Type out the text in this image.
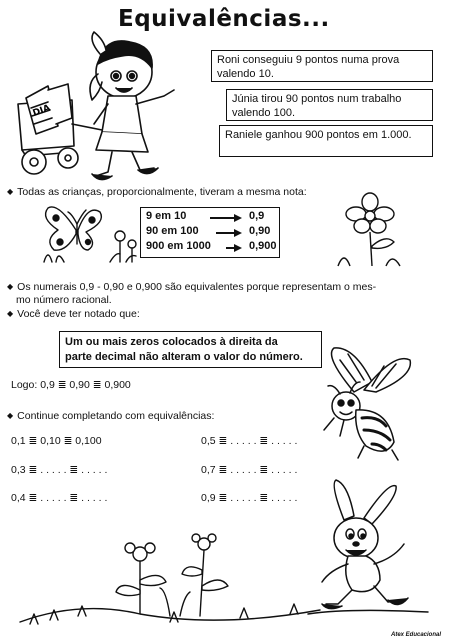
Equivalências...
DIA
Roni conseguiu 9 pontos numa prova valendo 10.
Júnia tirou 90 pontos num trabalho valendo 100.
Raniele ganhou 900 pontos em 1.000.
◆ Todas as crianças, proporcionalmente, tiveram a mesma nota:
9 em 10	0,9
90 em 100	0,90
900 em 1000	0,900
◆ Os numerais 0,9 - 0,90 e 0,900 são equivalentes porque representam o mes-
mo número racional.
◆ Você deve ter notado que:
Um ou mais zeros colocados à direita da
parte decimal não alteram o valor do número.
Logo: 0,9 ≣ 0,90 ≣ 0,900
◆ Continue completando com equivalências:
0,1 ≣ 0,10 ≣ 0,100	0,5 ≣ . . . . . ≣ . . . . .
0,3 ≣ . . . . . ≣ . . . . .	0,7 ≣ . . . . . ≣ . . . . .
0,4 ≣ . . . . . ≣ . . . . .	0,9 ≣ . . . . . ≣ . . . . .
Atex Educacional
